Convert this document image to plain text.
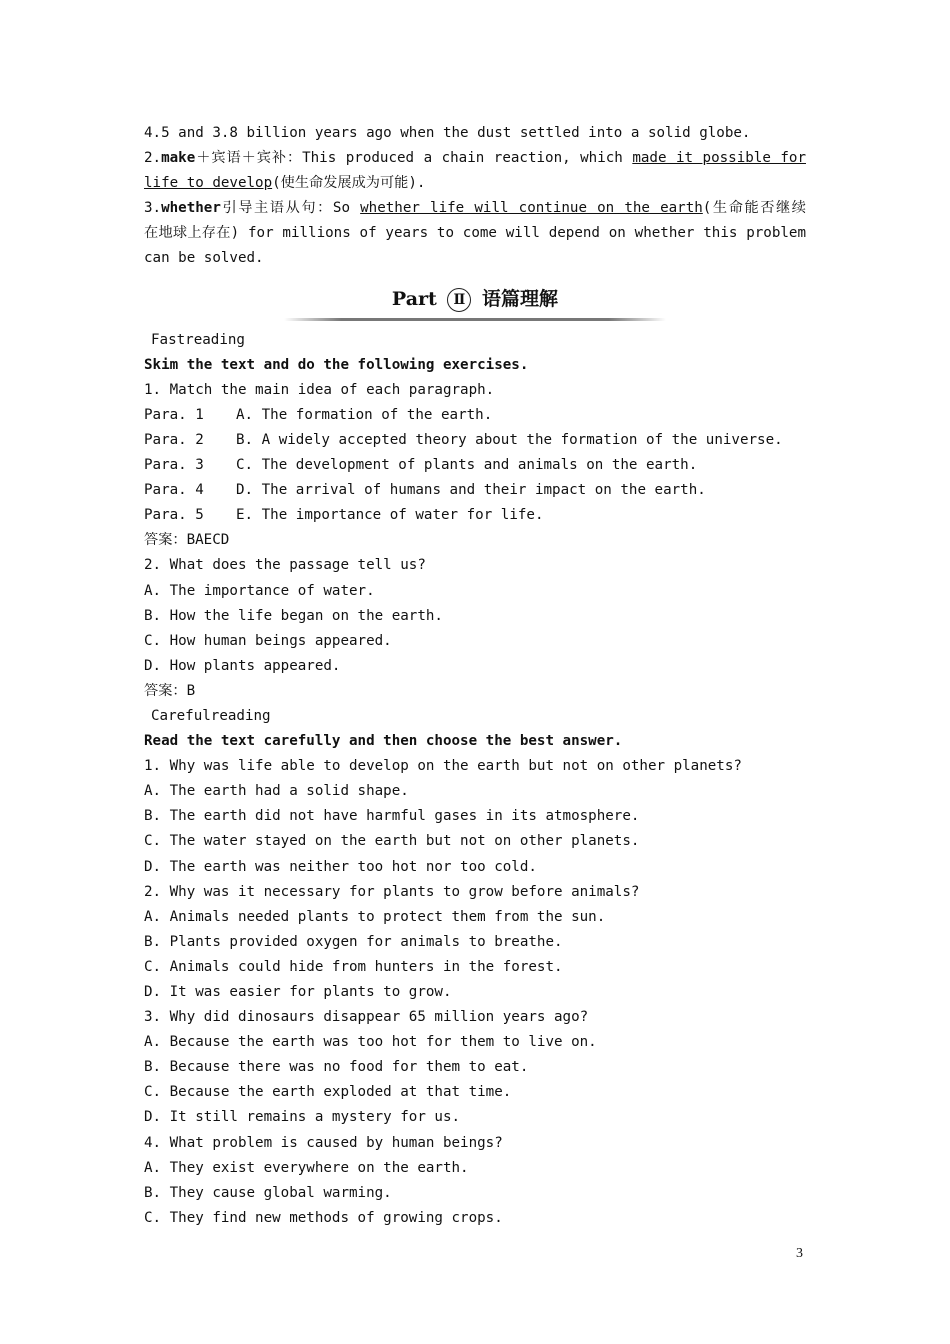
4.5 and 3.8 billion years ago when the dust settled into a solid globe.
2.make＋宾语＋宾补：This produced a chain reaction, which made it possible for
life to develop(使生命发展成为可能).
3.whether引导主语从句：So whether life will continue on the earth(生命能否继续
在地球上存在) for millions of years to come will depend on whether this problem
can be solved.
Part Ⅱ 语篇理解
Fastreading
Skim the text and do the following exercises.
1. Match the main idea of each paragraph.
Para. 1 A. The formation of the earth.
Para. 2 B. A widely accepted theory about the formation of the universe.
Para. 3 C. The development of plants and animals on the earth.
Para. 4 D. The arrival of humans and their impact on the earth.
Para. 5 E. The importance of water for life.
答案：BAECD
2. What does the passage tell us?
A. The importance of water.
B. How the life began on the earth.
C. How human beings appeared.
D. How plants appeared.
答案：B
Carefulreading
Read the text carefully and then choose the best answer.
1. Why was life able to develop on the earth but not on other planets?
A. The earth had a solid shape.
B. The earth did not have harmful gases in its atmosphere.
C. The water stayed on the earth but not on other planets.
D. The earth was neither too hot nor too cold.
2. Why was it necessary for plants to grow before animals?
A. Animals needed plants to protect them from the sun.
B. Plants provided oxygen for animals to breathe.
C. Animals could hide from hunters in the forest.
D. It was easier for plants to grow.
3. Why did dinosaurs disappear 65 million years ago?
A. Because the earth was too hot for them to live on.
B. Because there was no food for them to eat.
C. Because the earth exploded at that time.
D. It still remains a mystery for us.
4. What problem is caused by human beings?
A. They exist everywhere on the earth.
B. They cause global warming.
C. They find new methods of growing crops.
3
